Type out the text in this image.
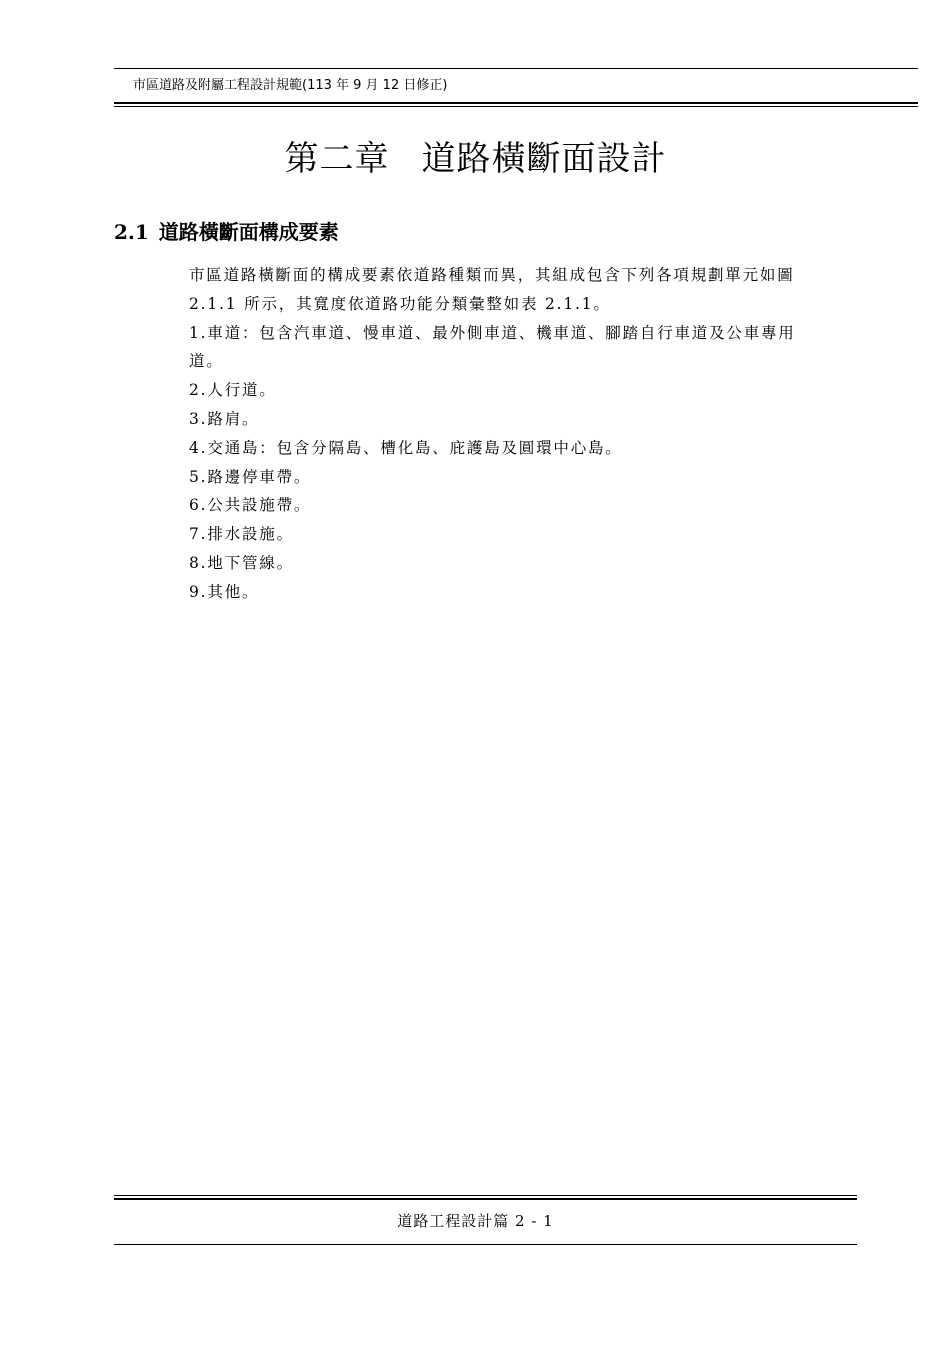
市區道路及附屬工程設計規範(113 年 9 月 12 日修正)
第二章 道路橫斷面設計
2.1 道路橫斷面構成要素
市區道路橫斷面的構成要素依道路種類而異，其組成包含下列各項規劃單元如圖
2.1.1 所示，其寬度依道路功能分類彙整如表 2.1.1。
1.車道：包含汽車道、慢車道、最外側車道、機車道、腳踏自行車道及公車專用
道。
2.人行道。
3.路肩。
4.交通島：包含分隔島、槽化島、庇護島及圓環中心島。
5.路邊停車帶。
6.公共設施帶。
7.排水設施。
8.地下管線。
9.其他。
道路工程設計篇 2 - 1
